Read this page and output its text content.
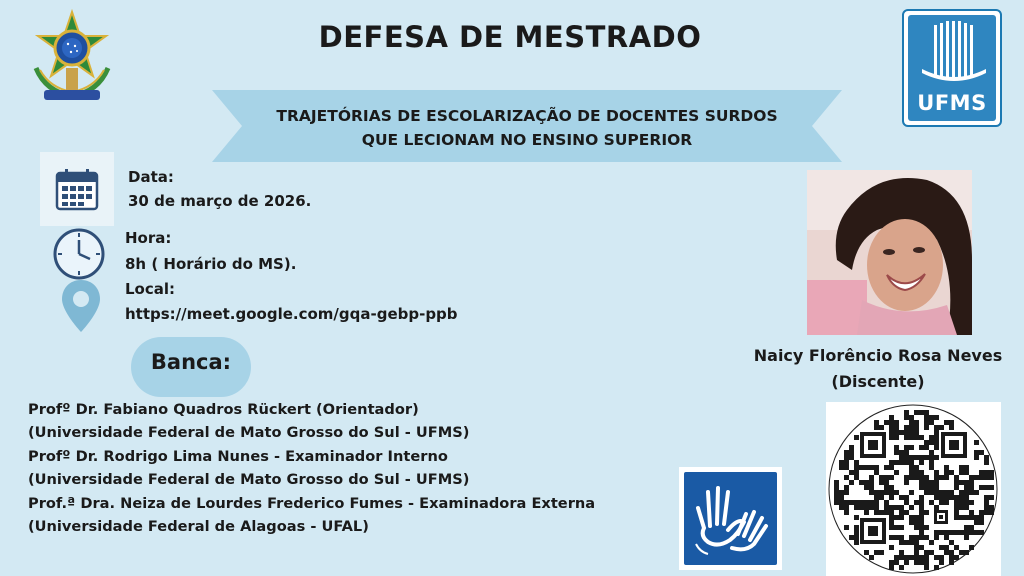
DEFESA DE MESTRADO
UFMS
TRAJETÓRIAS DE ESCOLARIZAÇÃO DE DOCENTES SURDOS
QUE LECIONAM NO ENSINO SUPERIOR
Data:
30 de março de 2026.
Hora:
8h ( Horário do MS).
Local:
https://meet.google.com/gqa-gebp-ppb
Banca:
Profº Dr. Fabiano Quadros Rückert (Orientador)
(Universidade Federal de Mato Grosso do Sul - UFMS)
Profº Dr. Rodrigo Lima Nunes - Examinador Interno
(Universidade Federal de Mato Grosso do Sul - UFMS)
Prof.ª Dra. Neiza de Lourdes Frederico Fumes - Examinadora Externa
(Universidade Federal de Alagoas - UFAL)
Naicy Florêncio Rosa Neves
(Discente)
